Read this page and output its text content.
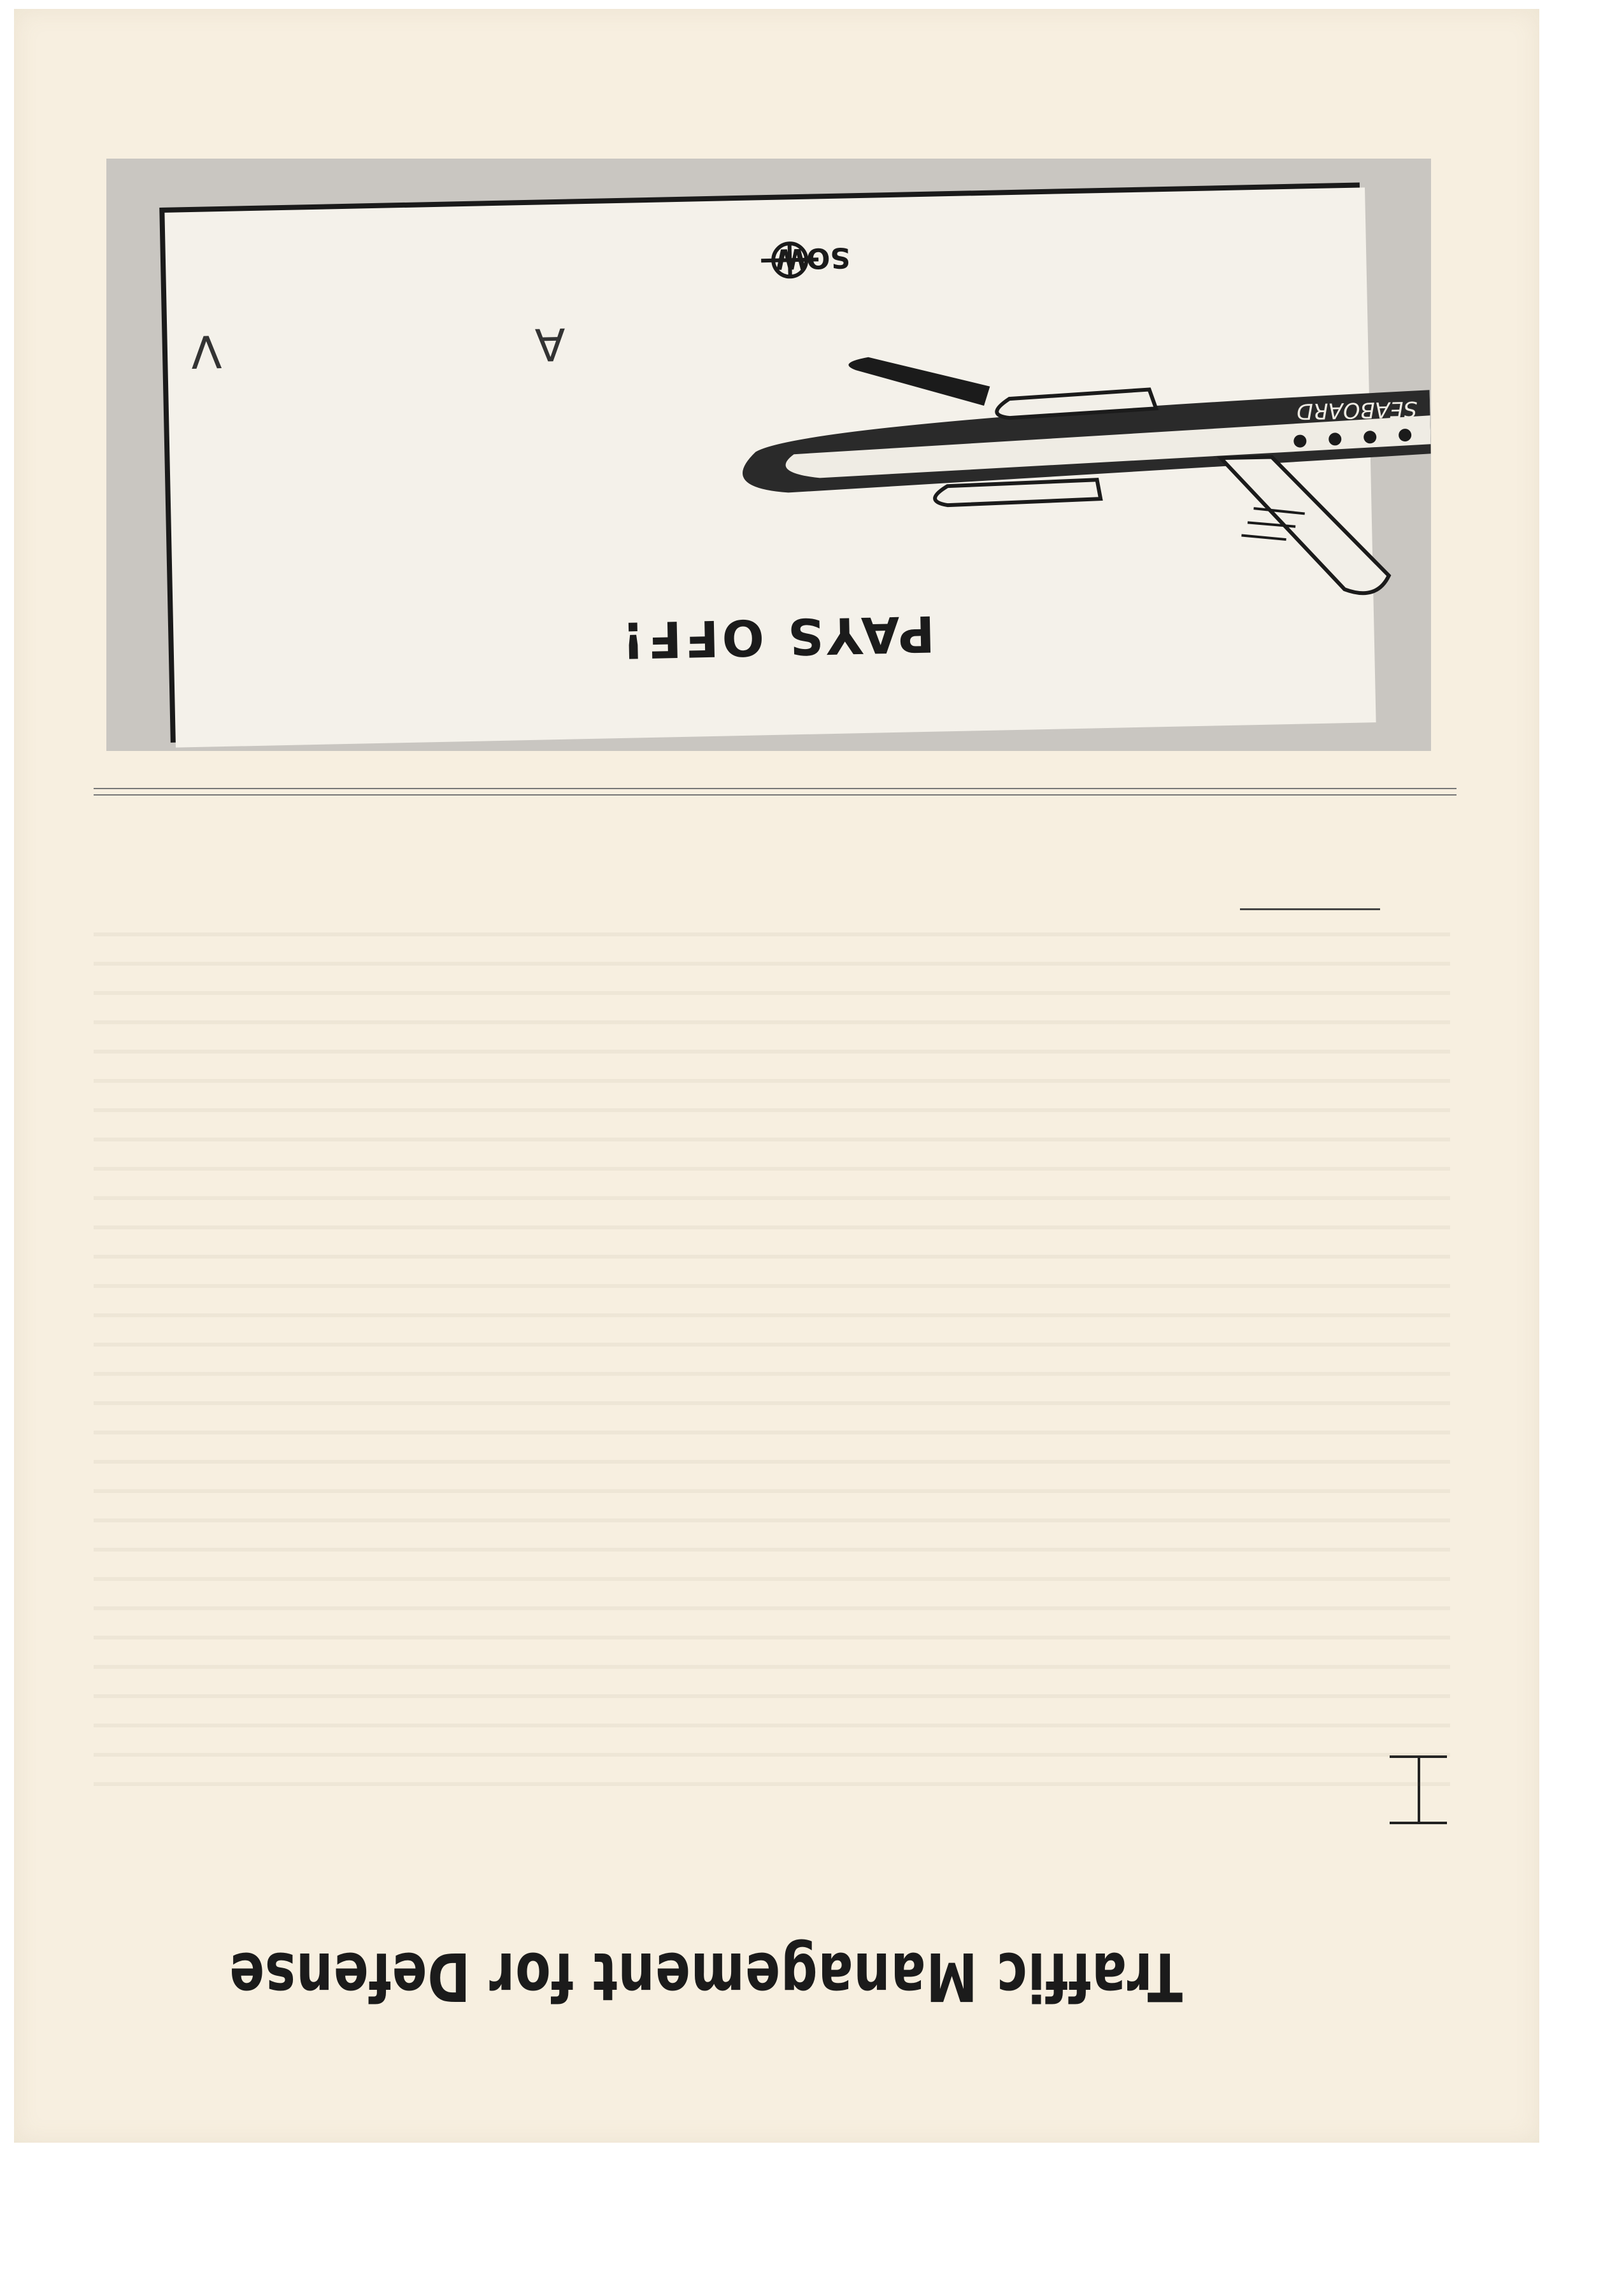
Traffic Management for Defense
PAYS OFF!
A
V
SOW
SEABOARD
